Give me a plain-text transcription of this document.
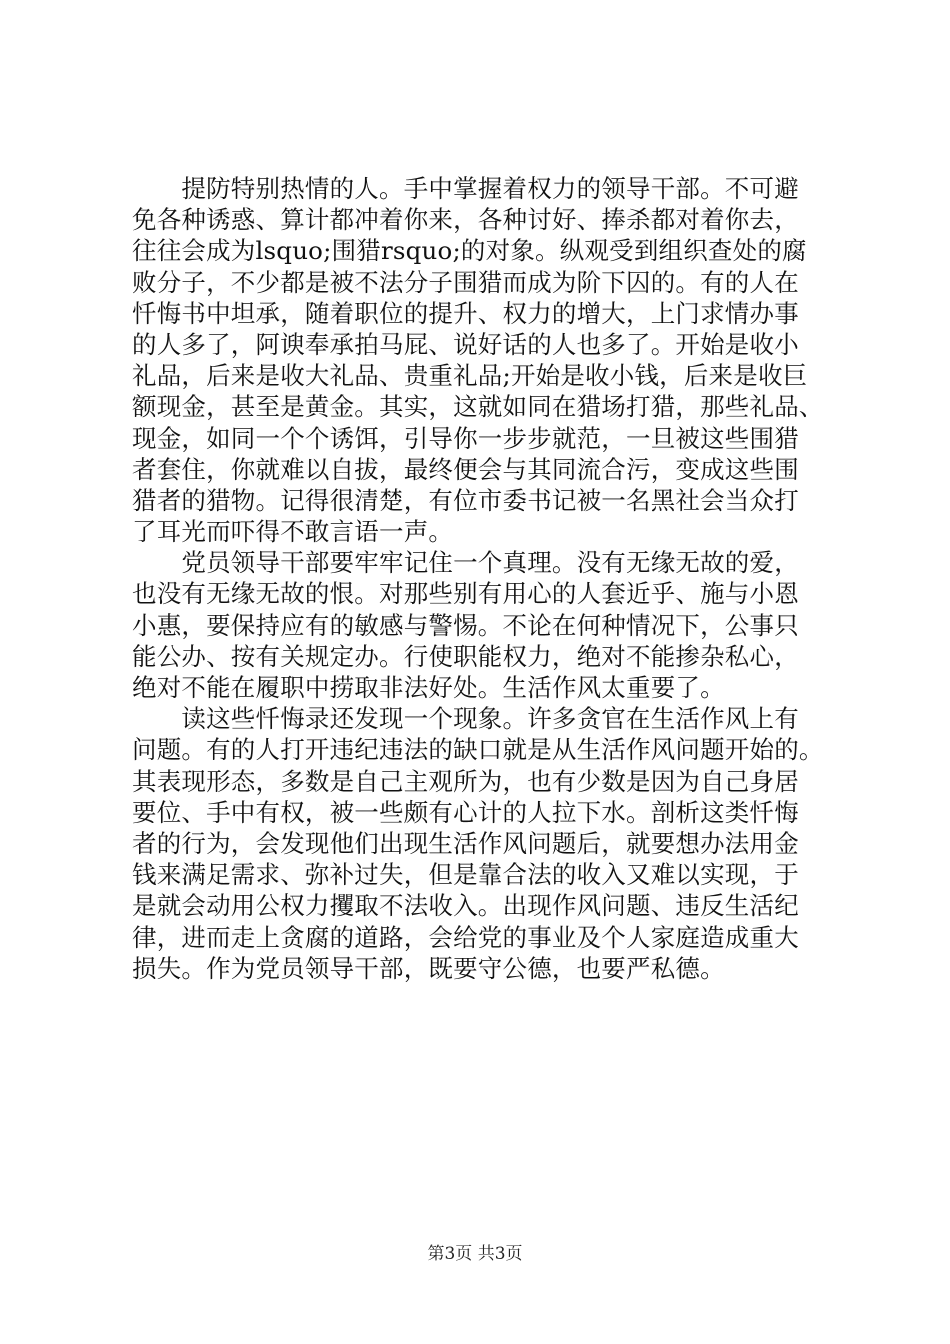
　　提防特别热情的人。手中掌握着权力的领导干部。不可避
免各种诱惑、算计都冲着你来，各种讨好、捧杀都对着你去，
往往会成为lsquo;围猎rsquo;的对象。纵观受到组织查处的腐
败分子，不少都是被不法分子围猎而成为阶下囚的。有的人在
忏悔书中坦承，随着职位的提升、权力的增大，上门求情办事
的人多了，阿谀奉承拍马屁、说好话的人也多了。开始是收小
礼品，后来是收大礼品、贵重礼品;开始是收小钱，后来是收巨
额现金，甚至是黄金。其实，这就如同在猎场打猎，那些礼品、
现金，如同一个个诱饵，引导你一步步就范，一旦被这些围猎
者套住，你就难以自拔，最终便会与其同流合污，变成这些围
猎者的猎物。记得很清楚，有位市委书记被一名黑社会当众打
了耳光而吓得不敢言语一声。
　　党员领导干部要牢牢记住一个真理。没有无缘无故的爱，
也没有无缘无故的恨。对那些别有用心的人套近乎、施与小恩
小惠，要保持应有的敏感与警惕。不论在何种情况下，公事只
能公办、按有关规定办。行使职能权力，绝对不能掺杂私心，
绝对不能在履职中捞取非法好处。生活作风太重要了。
　　读这些忏悔录还发现一个现象。许多贪官在生活作风上有
问题。有的人打开违纪违法的缺口就是从生活作风问题开始的。
其表现形态，多数是自己主观所为，也有少数是因为自己身居
要位、手中有权，被一些颇有心计的人拉下水。剖析这类忏悔
者的行为，会发现他们出现生活作风问题后，就要想办法用金
钱来满足需求、弥补过失，但是靠合法的收入又难以实现，于
是就会动用公权力攫取不法收入。出现作风问题、违反生活纪
律，进而走上贪腐的道路，会给党的事业及个人家庭造成重大
损失。作为党员领导干部，既要守公德，也要严私德。
第3页 共3页
